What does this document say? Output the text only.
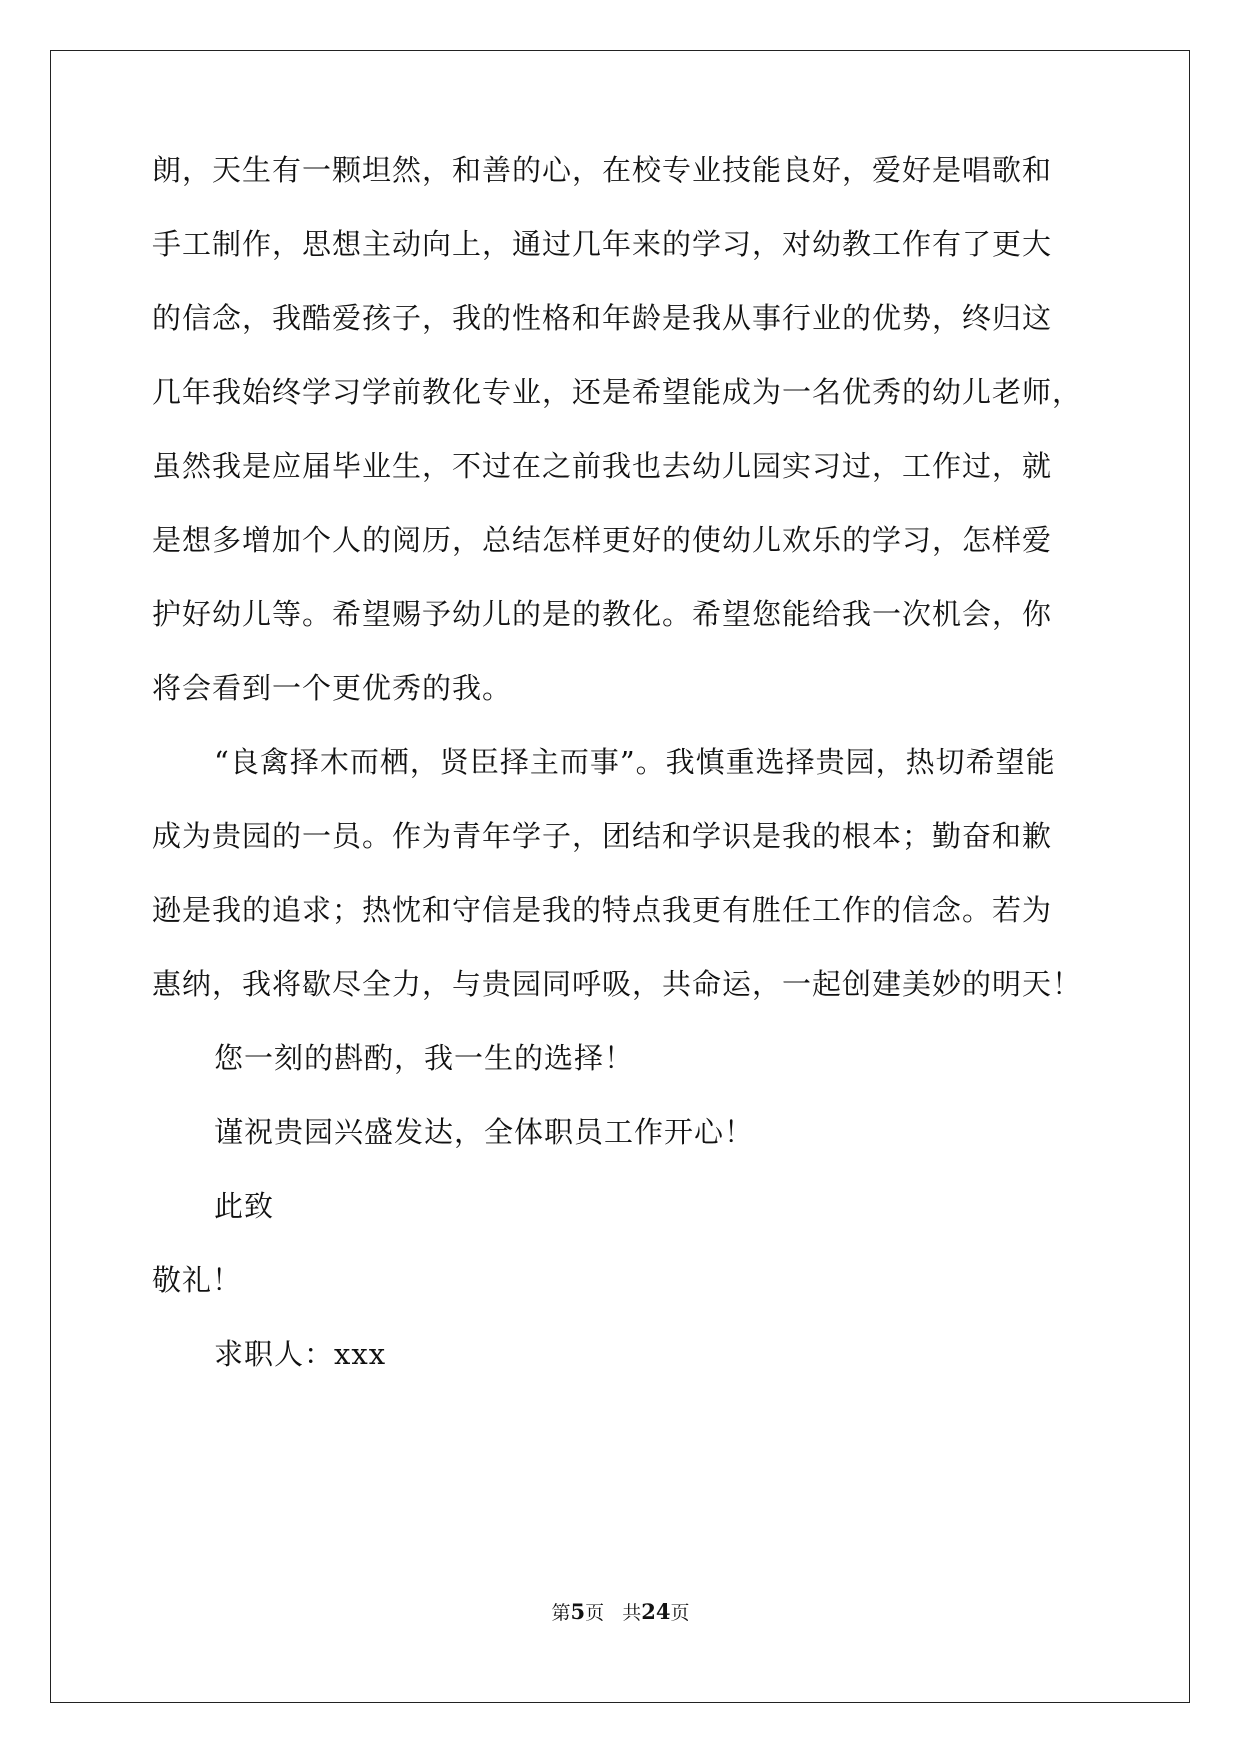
朗，天生有一颗坦然，和善的心，在校专业技能良好，爱好是唱歌和
手工制作，思想主动向上，通过几年来的学习，对幼教工作有了更大
的信念，我酷爱孩子，我的性格和年龄是我从事行业的优势，终归这
几年我始终学习学前教化专业，还是希望能成为一名优秀的幼儿老师，
虽然我是应届毕业生，不过在之前我也去幼儿园实习过，工作过，就
是想多增加个人的阅历，总结怎样更好的使幼儿欢乐的学习，怎样爱
护好幼儿等。希望赐予幼儿的是的教化。希望您能给我一次机会，你
将会看到一个更优秀的我。
“良禽择木而栖，贤臣择主而事”。我慎重选择贵园，热切希望能
成为贵园的一员。作为青年学子，团结和学识是我的根本；勤奋和歉
逊是我的追求；热忱和守信是我的特点我更有胜任工作的信念。若为
惠纳，我将歇尽全力，与贵园同呼吸，共命运，一起创建美妙的明天！
您一刻的斟酌，我一生的选择！
谨祝贵园兴盛发达，全体职员工作开心！
此致
敬礼！
求职人：xxx
第5页 共24页
